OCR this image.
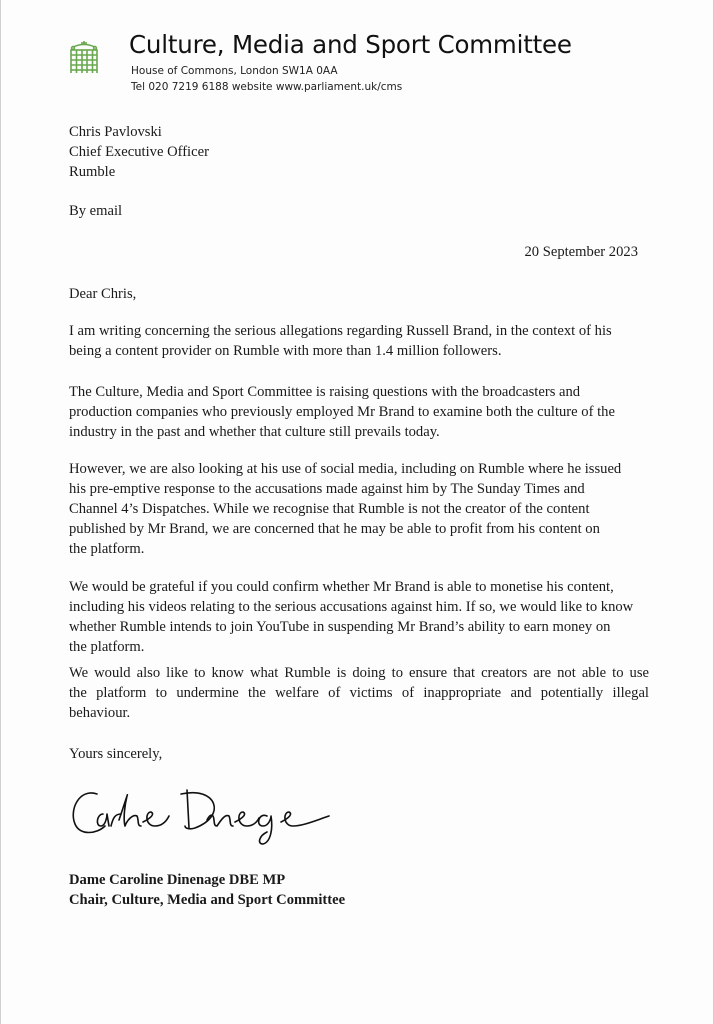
Culture, Media and Sport Committee
House of Commons, London SW1A 0AA
Tel 020 7219 6188 website www.parliament.uk/cms
Chris Pavlovski
Chief Executive Officer
Rumble
By email
20 September 2023
Dear Chris,
I am writing concerning the serious allegations regarding Russell Brand, in the context of his
being a content provider on Rumble with more than 1.4 million followers.
The Culture, Media and Sport Committee is raising questions with the broadcasters and
production companies who previously employed Mr Brand to examine both the culture of the
industry in the past and whether that culture still prevails today.
However, we are also looking at his use of social media, including on Rumble where he issued
his pre-emptive response to the accusations made against him by The Sunday Times and
Channel 4’s Dispatches. While we recognise that Rumble is not the creator of the content
published by Mr Brand, we are concerned that he may be able to profit from his content on
the platform.
We would be grateful if you could confirm whether Mr Brand is able to monetise his content,
including his videos relating to the serious accusations against him. If so, we would like to know
whether Rumble intends to join YouTube in suspending Mr Brand’s ability to earn money on
the platform.
We would also like to know what Rumble is doing to ensure that creators are not able to use
the platform to undermine the welfare of victims of inappropriate and potentially illegal
behaviour.
Yours sincerely,
Dame Caroline Dinenage DBE MP
Chair, Culture, Media and Sport Committee
